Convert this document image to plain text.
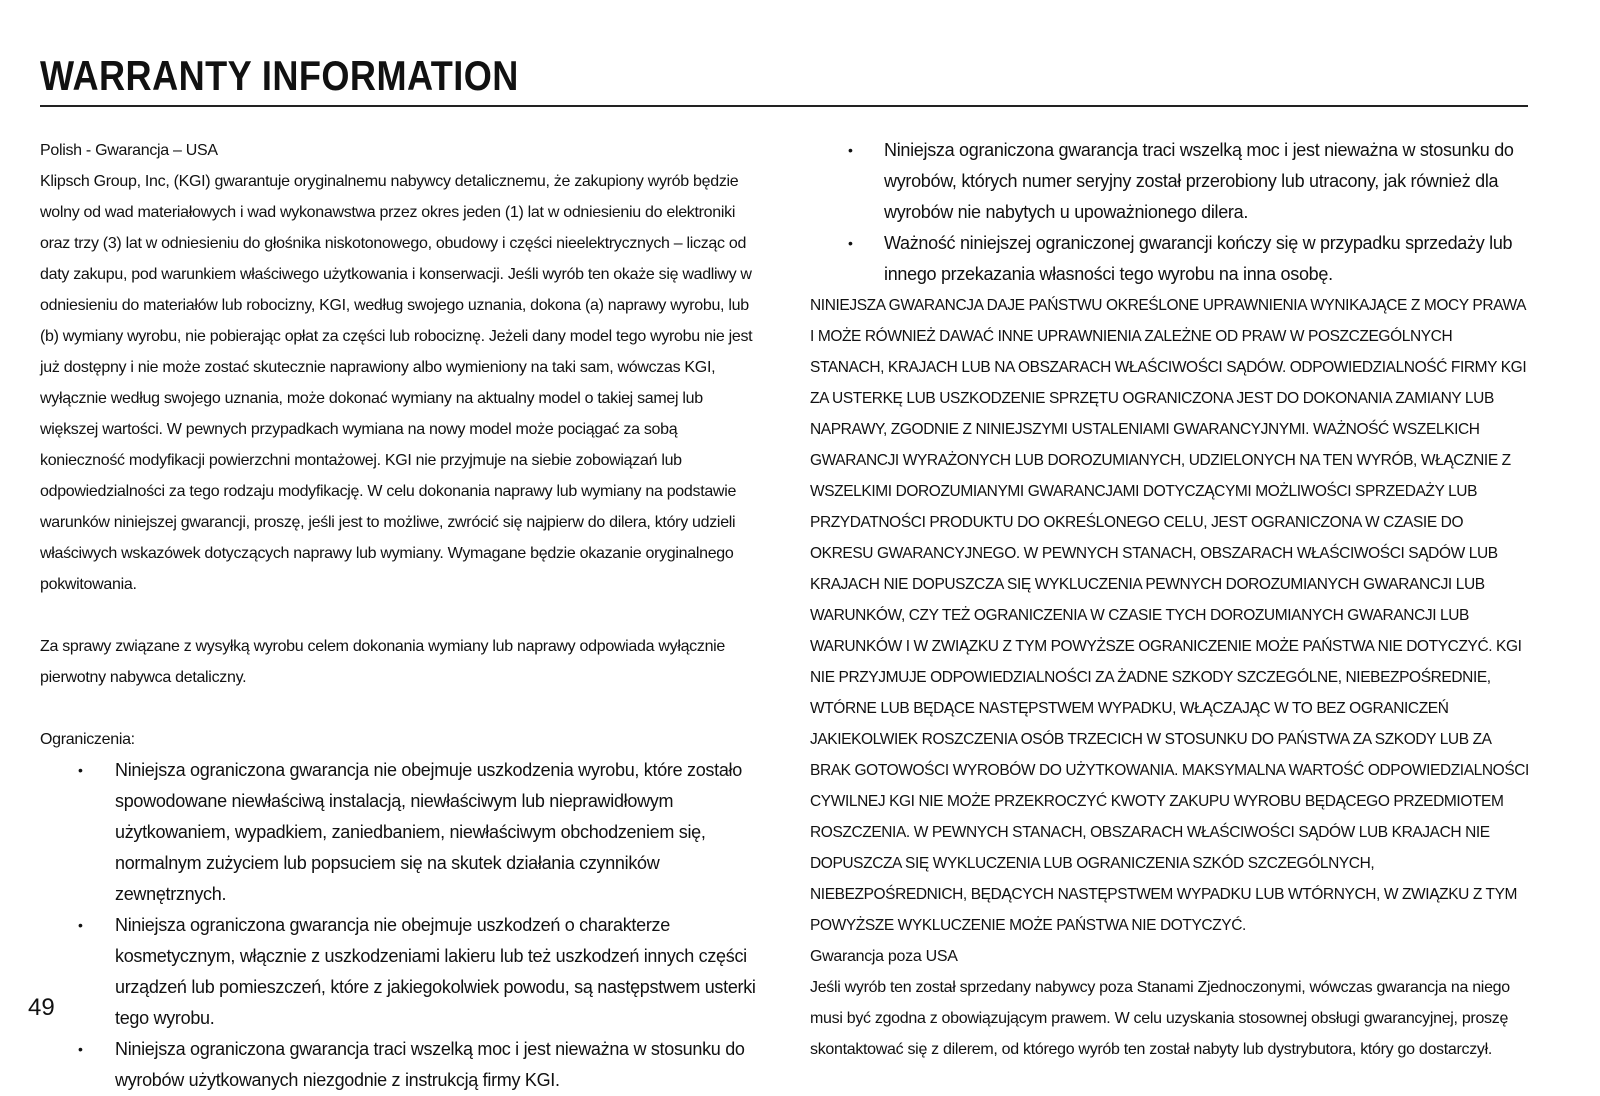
WARRANTY INFORMATION

Polish - Gwarancja – USA

Klipsch Group, Inc, (KGI) gwarantuje oryginalnemu nabywcy detalicznemu, że zakupiony wyrób będzie wolny od wad materiałowych i wad wykonawstwa przez okres jeden (1) lat w odniesieniu do elektroniki oraz trzy (3) lat w odniesieniu do głośnika niskotonowego, obudowy i części nieelektrycznych – licząc od daty zakupu, pod warunkiem właściwego użytkowania i konserwacji. Jeśli wyrób ten okaże się wadliwy w odniesieniu do materiałów lub robocizny, KGI, według swojego uznania, dokona (a) naprawy wyrobu, lub (b) wymiany wyrobu, nie pobierając opłat za części lub robociznę. Jeżeli dany model tego wyrobu nie jest już dostępny i nie może zostać skutecznie naprawiony albo wymieniony na taki sam, wówczas KGI, wyłącznie według swojego uznania, może dokonać wymiany na aktualny model o takiej samej lub większej wartości. W pewnych przypadkach wymiana na nowy model może pociągać za sobą konieczność modyfikacji powierzchni montażowej. KGI nie przyjmuje na siebie zobowiązań lub odpowiedzialności za tego rodzaju modyfikację. W celu dokonania naprawy lub wymiany na podstawie warunków niniejszej gwarancji, proszę, jeśli jest to możliwe, zwrócić się najpierw do dilera, który udzieli właściwych wskazówek dotyczących naprawy lub wymiany. Wymagane będzie okazanie oryginalnego pokwitowania.

Za sprawy związane z wysyłką wyrobu celem dokonania wymiany lub naprawy odpowiada wyłącznie pierwotny nabywca detaliczny.

Ograniczenia:

• Niniejsza ograniczona gwarancja nie obejmuje uszkodzenia wyrobu, które zostało spowodowane niewłaściwą instalacją, niewłaściwym lub nieprawidłowym użytkowaniem, wypadkiem, zaniedbaniem, niewłaściwym obchodzeniem się, normalnym zużyciem lub popsuciem się na skutek działania czynników zewnętrznych.
• Niniejsza ograniczona gwarancja nie obejmuje uszkodzeń o charakterze kosmetycznym, włącznie z uszkodzeniami lakieru lub też uszkodzeń innych części urządzeń lub pomieszczeń, które z jakiegokolwiek powodu, są następstwem usterki tego wyrobu.
• Niniejsza ograniczona gwarancja traci wszelką moc i jest nieważna w stosunku do wyrobów użytkowanych niezgodnie z instrukcją firmy KGI.
• Niniejsza ograniczona gwarancja traci wszelką moc i jest nieważna w stosunku do wyrobów, których numer seryjny został przerobiony lub utracony, jak również dla wyrobów nie nabytych u upoważnionego dilera.
• Ważność niniejszej ograniczonej gwarancji kończy się w przypadku sprzedaży lub innego przekazania własności tego wyrobu na inna osobę.

NINIEJSZA GWARANCJA DAJE PAŃSTWU OKREŚLONE UPRAWNIENIA WYNIKAJĄCE Z MOCY PRAWA I MOŻE RÓWNIEŻ DAWAĆ INNE UPRAWNIENIA ZALEŻNE OD PRAW W POSZCZEGÓLNYCH STANACH, KRAJACH LUB NA OBSZARACH WŁAŚCIWOŚCI SĄDÓW. ODPOWIEDZIALNOŚĆ FIRMY KGI ZA USTERKĘ LUB USZKODZENIE SPRZĘTU OGRANICZONA JEST DO DOKONANIA ZAMIANY LUB NAPRAWY, ZGODNIE Z NINIEJSZYMI USTALENIAMI GWARANCYJNYMI. WAŻNOŚĆ WSZELKICH GWARANCJI WYRAŻONYCH LUB DOROZUMIANYCH, UDZIELONYCH NA TEN WYRÓB, WŁĄCZNIE Z WSZELKIMI DOROZUMIANYMI GWARANCJAMI DOTYCZĄCYMI MOŻLIWOŚCI SPRZEDAŻY LUB PRZYDATNOŚCI PRODUKTU DO OKREŚLONEGO CELU, JEST OGRANICZONA W CZASIE DO OKRESU GWARANCYJNEGO. W PEWNYCH STANACH, OBSZARACH WŁAŚCIWOŚCI SĄDÓW LUB KRAJACH NIE DOPUSZCZA SIĘ WYKLUCZENIA PEWNYCH DOROZUMIANYCH GWARANCJI LUB WARUNKÓW, CZY TEŻ OGRANICZENIA W CZASIE TYCH DOROZUMIANYCH GWARANCJI LUB WARUNKÓW I W ZWIĄZKU Z TYM POWYŻSZE OGRANICZENIE MOŻE PAŃSTWA NIE DOTYCZYĆ. KGI NIE PRZYJMUJE ODPOWIEDZIALNOŚCI ZA ŻADNE SZKODY SZCZEGÓLNE, NIEBEZPOŚREDNIE, WTÓRNE LUB BĘDĄCE NASTĘPSTWEM WYPADKU, WŁĄCZAJĄC W TO BEZ OGRANICZEŃ JAKIEKOLWIEK ROSZCZENIA OSÓB TRZECICH W STOSUNKU DO PAŃSTWA ZA SZKODY LUB ZA BRAK GOTOWOŚCI WYROBÓW DO UŻYTKOWANIA. MAKSYMALNA WARTOŚĆ ODPOWIEDZIALNOŚCI CYWILNEJ KGI NIE MOŻE PRZEKROCZYĆ KWOTY ZAKUPU WYROBU BĘDĄCEGO PRZEDMIOTEM ROSZCZENIA. W PEWNYCH STANACH, OBSZARACH WŁAŚCIWOŚCI SĄDÓW LUB KRAJACH NIE DOPUSZCZA SIĘ WYKLUCZENIA LUB OGRANICZENIA SZKÓD SZCZEGÓLNYCH, NIEBEZPOŚREDNICH, BĘDĄCYCH NASTĘPSTWEM WYPADKU LUB WTÓRNYCH, W ZWIĄZKU Z TYM POWYŻSZE WYKLUCZENIE MOŻE PAŃSTWA NIE DOTYCZYĆ.

Gwarancja poza USA

Jeśli wyrób ten został sprzedany nabywcy poza Stanami Zjednoczonymi, wówczas gwarancja na niego musi być zgodna z obowiązującym prawem. W celu uzyskania stosownej obsługi gwarancyjnej, proszę skontaktować się z dilerem, od którego wyrób ten został nabyty lub dystrybutora, który go dostarczył.

49
